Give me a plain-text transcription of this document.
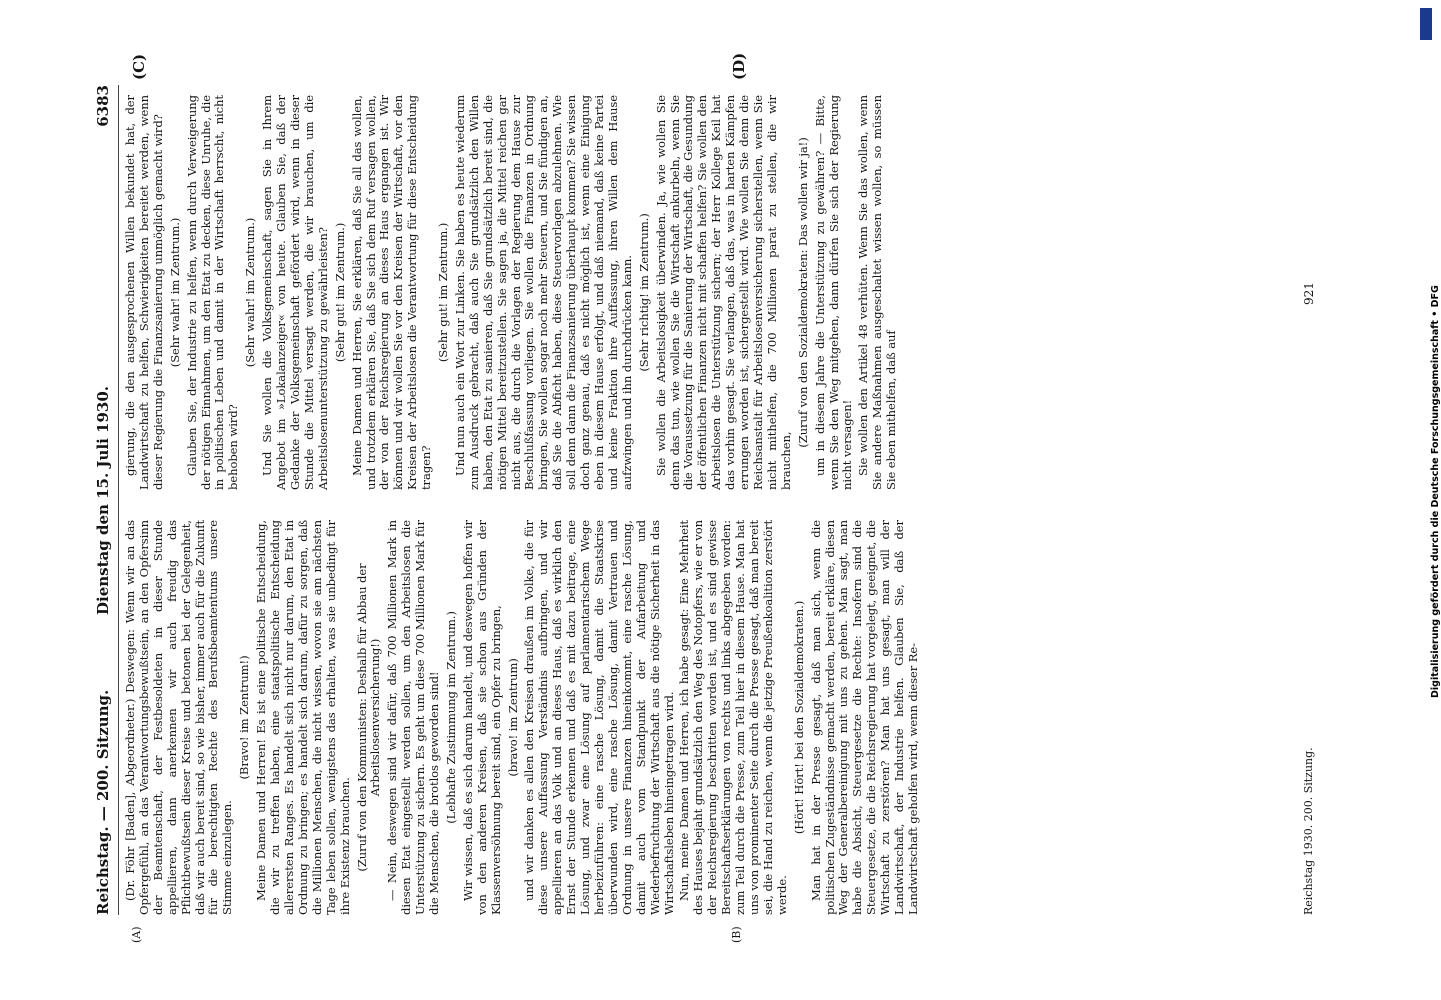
Reichstag. — 200. Sitzung.
Dienstag den 15. Juli 1930.
6383

(Dr. Föhr [Baden], Abgeordneter.) Deswegen: Wenn wir an das Opfergefühl, an das Verantwortungsbewußtsein, an den Opfersinn der Beamtenschaft, der Festbesoldeten in dieser Stunde appellieren, dann anerkennen wir auch freudig das Pflichtbewußtsein dieser Kreise und betonen bei der Gelegenheit, daß wir auch bereit sind, so wie bisher, immer auch für die Zukunft für die berechtigten Rechte des Berufsbeamtentums unsere Stimme einzulegen.

(Bravo! im Zentrum!) Meine Damen und Herren! Es ist eine politische Entscheidung, die wir zu treffen haben, eine staatspolitische Entscheidung allerersten Ranges. Es handelt sich nicht nur darum, den Etat in Ordnung zu bringen; es handelt sich darum, dafür zu sorgen, daß die Millionen Menschen, die nicht wissen, wovon sie am nächsten Tage leben sollen, wenigstens das erhalten, was sie unbedingt für ihre Existenz brauchen. (Zuruf von den Kommunisten: Deshalb für Abbau der Arbeitslosenversicherung!) — Nein, deswegen sind wir dafür, daß 700 Millionen Mark in diesen Etat eingestellt werden sollen, um den Arbeitslosen die Unterstützung zu sichern. Es geht um diese 700 Millionen Mark für die Menschen, die brotlos geworden sind! (Lebhafte Zustimmung im Zentrum.) Wir wissen, daß es sich darum handelt, und deswegen hoffen wir von den anderen Kreisen, daß sie schon aus Gründen der Klassenversöhnung bereit sind, ein Opfer zu bringen, (bravo! im Zentrum) und wir danken es allen den Kreisen draußen im Volke, die für diese unsere Auffassung Verständnis aufbringen, und wir appellieren an das Volk und an dieses Haus, daß es wirklich den Ernst der Stunde erkennen und daß es mit dazu beitrage, eine Lösung, und zwar eine Lösung auf parlamentarischem Wege herbeizuführen: eine rasche Lösung, damit die Staatskrise überwunden wird, eine rasche Lösung, damit Vertrauen und Ordnung in unsere Finanzen hineinkommt, eine rasche Lösung, damit auch vom Standpunkt der Aufarbeitung und Wiederbefruchtung der Wirtschaft aus die nötige Sicherheit in das Wirtschaftsleben hineingetragen wird. Nun, meine Damen und Herren, ich habe gesagt: Eine Mehrheit des Hauses bejaht grundsätzlich den Weg des Notopfers, wie er von der Reichsregierung beschritten worden ist, und es sind gewisse Bereitschaftserklärungen von rechts und links abgegeben worden: zum Teil durch die Presse, zum Teil hier in diesem Hause. Man hat uns von prominenter Seite durch die Presse gesagt, daß man bereit sei, die Hand zu reichen, wenn die jetzige Preußenkoalition zerstört werde.

(Hört! Hört! bei den Sozialdemokraten.) Man hat in der Presse gesagt, daß man sich, wenn die politischen Zugeständnisse gemacht werden, bereit erkläre, diesen Weg der Generalbereinigung mit uns zu gehen. Man sagt, man habe die Absicht, Steuergesetze die Rechte: Insofern sind die Steuergesetze, die die Reichsregierung hat vorgelegt, geeignet, die Wirtschaft zu zerstören? Man hat uns gesagt, man will der Landwirtschaft, der Industrie helfen. Glauben Sie, daß der Landwirtschaft geholfen wird, wenn dieser Re-

gierung, die den ausgesprochenen Willen bekundet hat, der Landwirtschaft zu helfen, Schwierigkeiten bereitet werden, wenn dieser Regierung die Finanzsanierung unmöglich gemacht wird? (Sehr wahr! im Zentrum.) Glauben Sie, der Industrie zu helfen, wenn durch Verweigerung der nötigen Einnahmen, um den Etat zu decken, diese Unruhe, die in politischen Leben und damit in der Wirtschaft herrscht, nicht behoben wird?

(Sehr wahr! im Zentrum.) Und Sie wollen die Volksgemeinschaft, sagen Sie in Ihrem Angebot im »Lokalanzeiger« von heute. Glauben Sie, daß der Gedanke der Volksgemeinschaft gefördert wird, wenn in dieser Stunde die Mittel versagt werden, die wir brauchen, um die Arbeitslosenunterstützung zu gewährleisten? (Sehr gut! im Zentrum.) Meine Damen und Herren, Sie erklären, daß Sie all das wollen, und trotzdem erklären Sie, daß Sie sich dem Ruf versagen wollen, der von der Reichsregierung an dieses Haus ergangen ist. Wir können und wir wollen Sie vor den Kreisen der Wirtschaft, vor den Kreisen der Arbeitslosen die Verantwortung für diese Entscheidung tragen?

(Sehr gut! im Zentrum.) Und nun auch ein Wort zur Linken. Sie haben es heute wiederum zum Ausdruck gebracht, daß auch Sie grundsätzlich den Willen haben, den Etat zu sanieren, daß Sie grundsätzlich bereit sind, die nötigen Mittel bereitzustellen. Sie sagen ja, die Mittel reichen gar nicht aus, die durch die Vorlagen der Regierung dem Hause zur Beschlußfassung vorliegen. Sie wollen die Finanzen in Ordnung bringen, Sie wollen sogar noch mehr Steuern, und Sie fündigen an, daß Sie die Abficht haben, diese Steuervorlagen abzulehnen. Wie soll denn dann die Finanzsanierung überhaupt kommen? Sie wissen doch ganz genau, daß es nicht möglich ist, wenn eine Einigung eben in diesem Hause erfolgt, und daß niemand, daß keine Partei und keine Fraktion ihre Auffassung, ihren Willen dem Hause aufzwingen und ihn durchdrücken kann. (Sehr richtig! im Zentrum.) Sie wollen die Arbeitslosigkeit überwinden. Ja, wie wollen Sie denn das tun, wie wollen Sie die Wirtschaft ankurbeln, wenn Sie die Voraussetzung für die Sanierung der Wirtschaft, die Gesundung der öffentlichen Finanzen nicht mit schaffen helfen? Sie wollen den Arbeitslosen die Unterstützung sichern; der Herr Kollege Keil hat das vorhin gesagt. Sie verlangen, daß das, was in harten Kämpfen errungen worden ist, sichergestellt wird. Wie wollen Sie denn die Reichsanstalt für Arbeitslosenversicherung sicherstellen, wenn Sie nicht mithelfen, die 700 Millionen parat zu stellen, die wir brauchen,

(Zuruf von den Sozialdemokraten: Das wollen wir ja!) um in diesem Jahre die Unterstützung zu gewähren? — Bitte, wenn Sie den Weg mitgehen, dann dürfen Sie sich der Regierung nicht versagen! Sie wollen den Artikel 48 verhüten. Wenn Sie das wollen, wenn Sie andere Maßnahmen ausgeschaltet wissen wollen, so müssen Sie eben mithelfen, daß auf

(A)	(B)
(C)	(D)
Reichstag 1930. 200. Sitzung.
921	Digitalisierung gefördert durch die Deutsche Forschungsgemeinschaft • DFG
